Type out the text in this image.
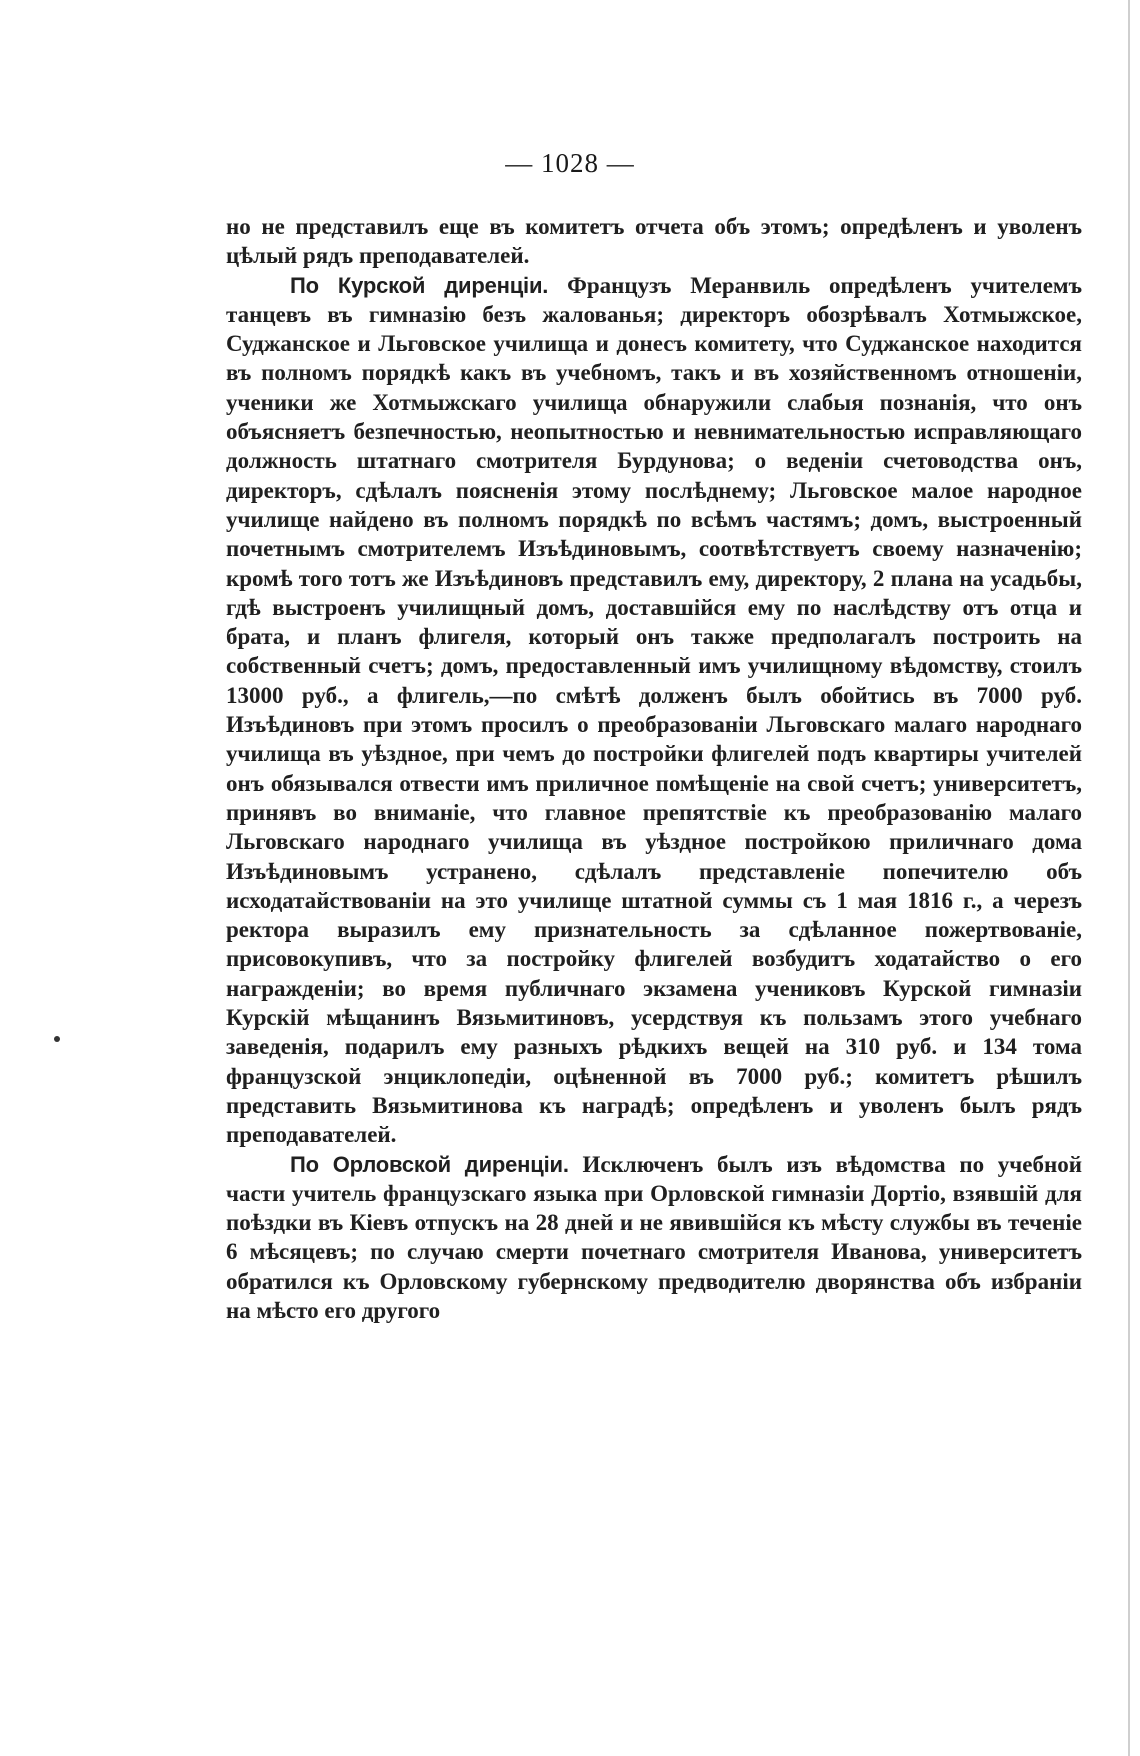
— 1028 —

но не представилъ еще въ комитетъ отчета объ этомъ; опредѣленъ и уволенъ цѣлый рядъ преподавателей.

По Курской диренціи. Французъ Меранвиль опредѣленъ учителемъ танцевъ въ гимназію безъ жалованья; директоръ обозрѣвалъ Хотмыжское, Суджанское и Льговское училища и донесъ комитету, что Суджанское находится въ полномъ порядкѣ какъ въ учебномъ, такъ и въ хозяйственномъ отношеніи, ученики же Хотмыжскаго училища обнаружили слабыя познанія, что онъ объясняетъ безпечностью, неопытностью и невнимательностью исправляющаго должность штатнаго смотрителя Бурдунова; о веденіи счетоводства онъ, директоръ, сдѣлалъ поясненія этому послѣднему; Льговское малое народное училище найдено въ полномъ порядкѣ по всѣмъ частямъ; домъ, выстроенный почетнымъ смотрителемъ Изъѣдиновымъ, соотвѣтствуетъ своему назначенію; кромѣ того тотъ же Изъѣдиновъ представилъ ему, директору, 2 плана на усадьбы, гдѣ выстроенъ училищный домъ, доставшійся ему по наслѣдству отъ отца и брата, и планъ флигеля, который онъ также предполагалъ построить на собственный счетъ; домъ, предоставленный имъ училищному вѣдомству, стоилъ 13000 руб., а флигель,—по смѣтѣ долженъ былъ обойтись въ 7000 руб. Изъѣдиновъ при этомъ просилъ о преобразованіи Льговскаго малаго народнаго училища въ уѣздное, при чемъ до постройки флигелей подъ квартиры учителей онъ обязывался отвести имъ приличное помѣщеніе на свой счетъ; университетъ, принявъ во вниманіе, что главное препятствіе къ преобразованію малаго Льговскаго народнаго училища въ уѣздное постройкою приличнаго дома Изъѣдиновымъ устранено, сдѣлалъ представленіе попечителю объ исходатайствованіи на это училище штатной суммы съ 1 мая 1816 г., а черезъ ректора выразилъ ему признательность за сдѣланное пожертвованіе, присовокупивъ, что за постройку флигелей возбудитъ ходатайство о его награжденіи; во время публичнаго экзамена учениковъ Курской гимназіи Курскій мѣщанинъ Вязьмитиновъ, усердствуя къ пользамъ этого учебнаго заведенія, подарилъ ему разныхъ рѣдкихъ вещей на 310 руб. и 134 тома французской энциклопедіи, оцѣненной въ 7000 руб.; комитетъ рѣшилъ представить Вязьмитинова къ наградѣ; опредѣленъ и уволенъ былъ рядъ преподавателей.

По Орловской диренціи. Исключенъ былъ изъ вѣдомства по учебной части учитель французскаго языка при Орловской гимназіи Дортіо, взявшій для поѣздки въ Кіевъ отпускъ на 28 дней и не явившійся къ мѣсту службы въ теченіе 6 мѣсяцевъ; по случаю смерти почетнаго смотрителя Иванова, университетъ обратился къ Орловскому губернскому предводителю дворянства объ избраніи на мѣсто его другого
